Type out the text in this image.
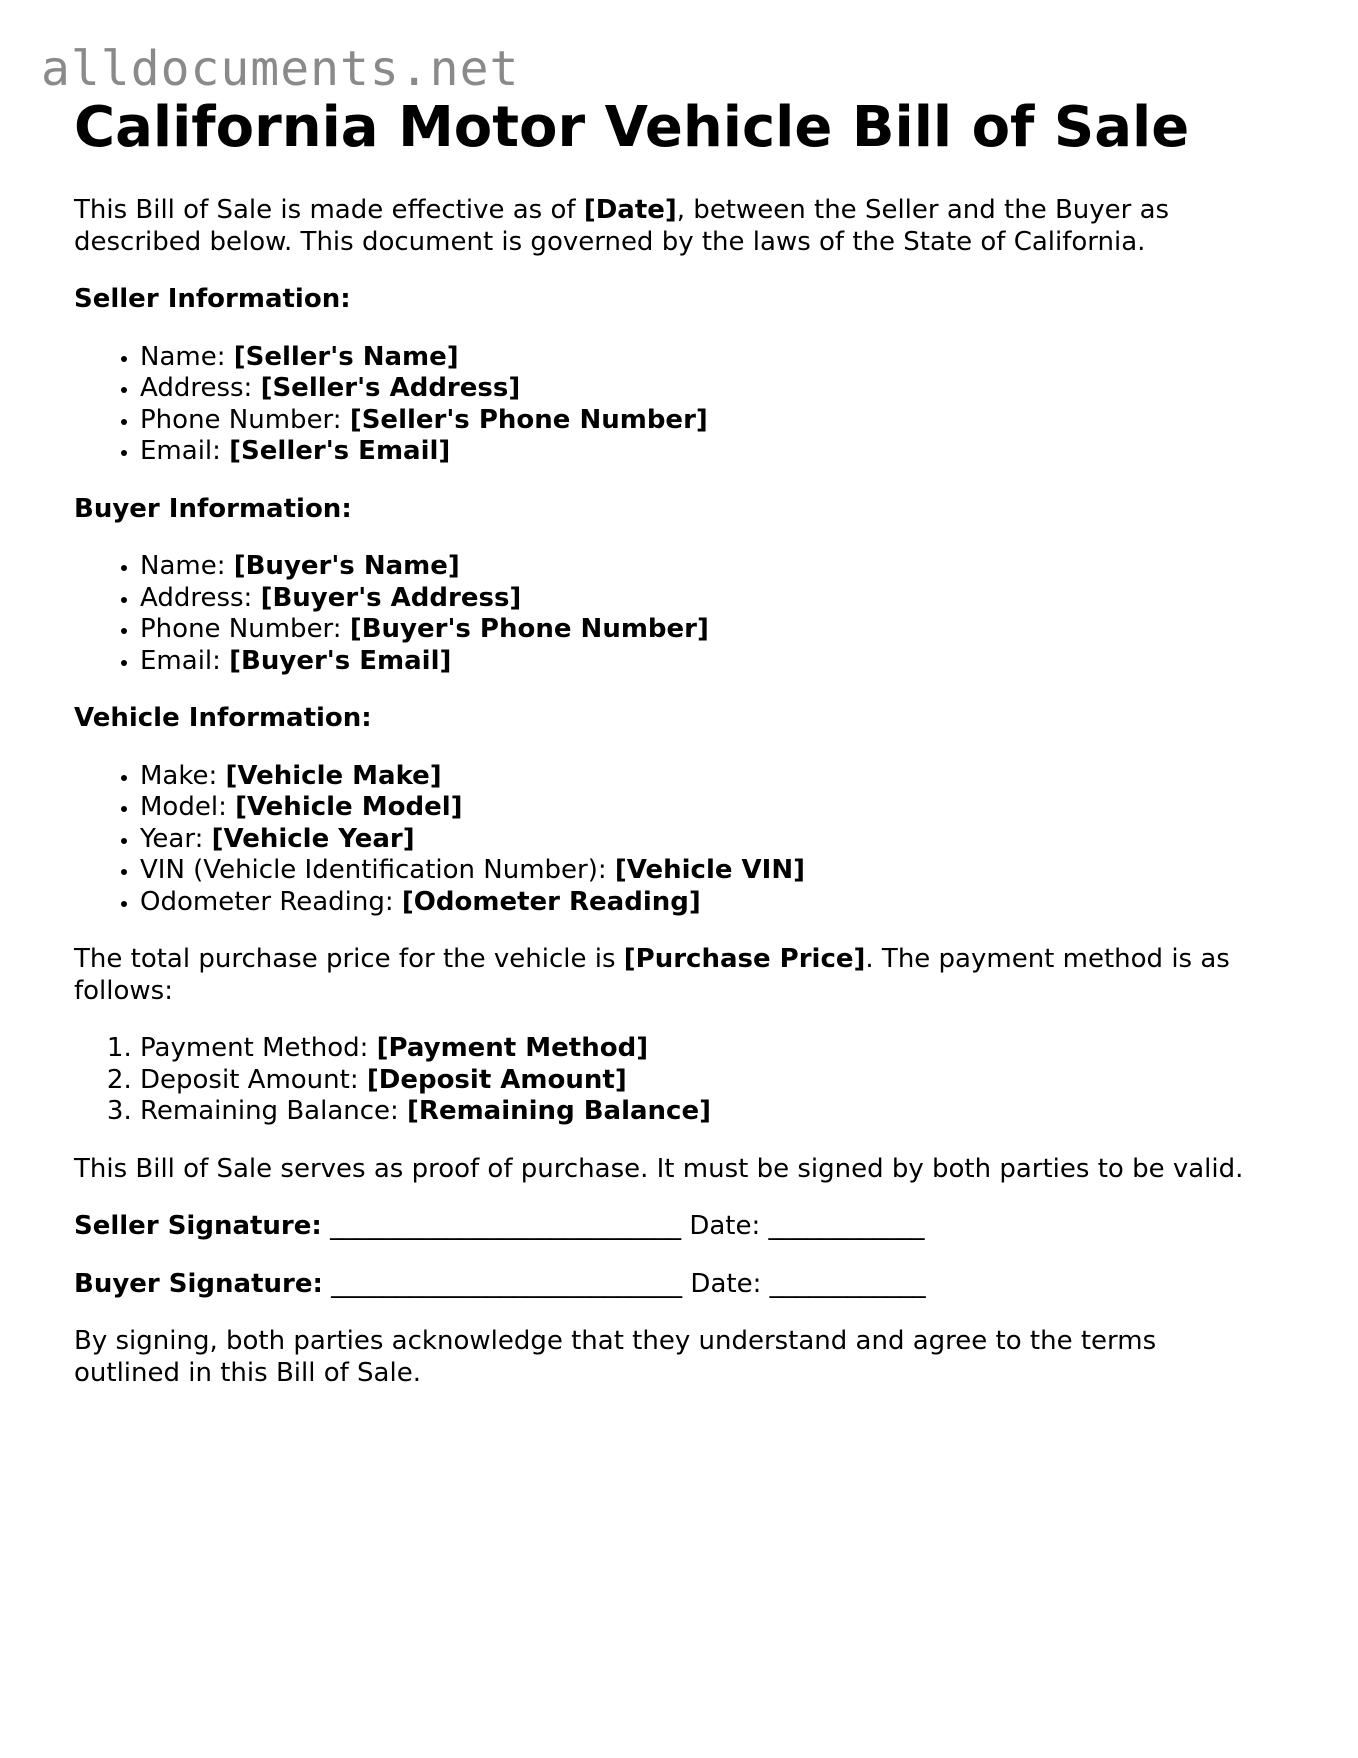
alldocuments.net
California Motor Vehicle Bill of Sale

This Bill of Sale is made effective as of [Date], between the Seller and the Buyer as described below. This document is governed by the laws of the State of California.

Seller Information:

• Name: [Seller's Name]
• Address: [Seller's Address]
• Phone Number: [Seller's Phone Number]
• Email: [Seller's Email]

Buyer Information:

• Name: [Buyer's Name]
• Address: [Buyer's Address]
• Phone Number: [Buyer's Phone Number]
• Email: [Buyer's Email]

Vehicle Information:

• Make: [Vehicle Make]
• Model: [Vehicle Model]
• Year: [Vehicle Year]
• VIN (Vehicle Identification Number): [Vehicle VIN]
• Odometer Reading: [Odometer Reading]

The total purchase price for the vehicle is [Purchase Price]. The payment method is as follows:

1. Payment Method: [Payment Method]
2. Deposit Amount: [Deposit Amount]
3. Remaining Balance: [Remaining Balance]

This Bill of Sale serves as proof of purchase. It must be signed by both parties to be valid.

Seller Signature: ___________________________ Date: ____________

Buyer Signature: ___________________________ Date: ____________

By signing, both parties acknowledge that they understand and agree to the terms outlined in this Bill of Sale.
